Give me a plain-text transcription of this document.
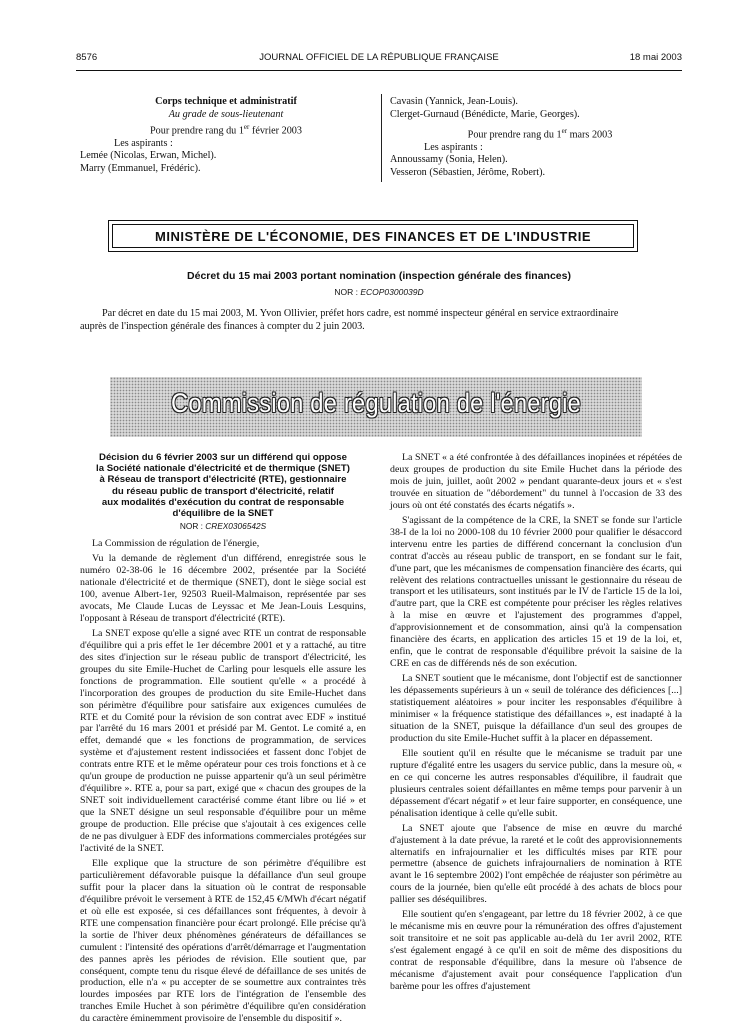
8576	JOURNAL OFFICIEL DE LA RÉPUBLIQUE FRANÇAISE	18 mai 2003
Corps technique et administratif
Au grade de sous-lieutenant
Pour prendre rang du 1er février 2003
Les aspirants :
Lemée (Nicolas, Erwan, Michel).
Marry (Emmanuel, Frédéric).
Cavasin (Yannick, Jean-Louis).
Clerget-Gurnaud (Bénédicte, Marie, Georges).
Pour prendre rang du 1er mars 2003
Les aspirants :
Annoussamy (Sonia, Helen).
Vesseron (Sébastien, Jérôme, Robert).
MINISTÈRE DE L'ÉCONOMIE, DES FINANCES ET DE L'INDUSTRIE
Décret du 15 mai 2003 portant nomination (inspection générale des finances)
NOR : ECOP0300039D
Par décret en date du 15 mai 2003, M. Yvon Ollivier, préfet hors cadre, est nommé inspecteur général en service extraordinaire
auprès de l'inspection générale des finances à compter du 2 juin 2003.
Commission de régulation de l'énergie
Décision du 6 février 2003 sur un différend qui oppose
la Société nationale d'électricité et de thermique (SNET)
à Réseau de transport d'électricité (RTE), gestionnaire
du réseau public de transport d'électricité, relatif
aux modalités d'exécution du contrat de responsable
d'équilibre de la SNET
NOR : CREX0306542S

La Commission de régulation de l'énergie,

Vu la demande de règlement d'un différend, enregistrée sous le numéro 02-38-06 le 16 décembre 2002, présentée par la Société nationale d'électricité et de thermique (SNET), dont le siège social est 100, avenue Albert-1er, 92503 Rueil-Malmaison, représentée par ses avocats, Me Claude Lucas de Leyssac et Me Jean-Louis Lesquins, l'opposant à Réseau de transport d'électricité (RTE).

La SNET expose qu'elle a signé avec RTE un contrat de responsable d'équilibre qui a pris effet le 1er décembre 2001 et y a rattaché, au titre des sites d'injection sur le réseau public de transport d'électricité, les groupes du site Emile-Huchet de Carling pour lesquels elle assure les fonctions de programmation. Elle soutient qu'elle « a procédé à l'incorporation des groupes de production du site Emile-Huchet dans son périmètre d'équilibre pour satisfaire aux exigences cumulées de RTE et du Comité pour la révision de son contrat avec EDF » institué par l'arrêté du 16 mars 2001 et présidé par M. Gentot. Le comité a, en effet, demandé que « les fonctions de programmation, de services système et d'ajustement restent indissociées et fassent donc l'objet de contrats entre RTE et le même opérateur pour ces trois fonctions et à ce qu'un groupe de production ne puisse appartenir qu'à un seul périmètre d'équilibre ». RTE a, pour sa part, exigé que « chacun des groupes de la SNET soit individuellement caractérisé comme étant libre ou lié » et que la SNET désigne un seul responsable d'équilibre pour un même groupe de production. Elle précise que s'ajoutait à ces exigences celle de ne pas divulguer à EDF des informations commerciales protégées sur l'activité de la SNET.

Elle explique que la structure de son périmètre d'équilibre est particulièrement défavorable puisque la défaillance d'un seul groupe suffit pour la placer dans la situation où le contrat de responsable d'équilibre prévoit le versement à RTE de 152,45 €/MWh d'écart négatif et où elle est exposée, si ces défaillances sont fréquentes, à devoir à RTE une compensation financière pour écart prolongé. Elle précise qu'à la sortie de l'hiver deux phénomènes générateurs de défaillances se cumulent : l'intensité des opérations d'arrêt/démarrage et l'augmentation des pannes après les périodes de révision. Elle soutient que, par conséquent, compte tenu du risque élevé de défaillance de ses unités de production, elle n'a « pu accepter de se soumettre aux contraintes très lourdes imposées par RTE lors de l'intégration de l'ensemble des tranches Emile Huchet à son périmètre d'équilibre qu'en considération du caractère éminemment provisoire de l'ensemble du dispositif ».

La SNET « a été confrontée à des défaillances inopinées et répétées de deux groupes de production du site Emile Huchet dans la période des mois de juin, juillet, août 2002 » pendant quarante-deux jours et « s'est trouvée en situation de "débordement" du tunnel à l'occasion de 33 des jours où ont été constatés des écarts négatifs ».

S'agissant de la compétence de la CRE, la SNET se fonde sur l'article 38-I de la loi no 2000-108 du 10 février 2000 pour qualifier le désaccord intervenu entre les parties de différend concernant la conclusion d'un contrat d'accès au réseau public de transport, en se fondant sur le fait, d'une part, que les mécanismes de compensation financière des écarts, qui relèvent des relations contractuelles unissant le gestionnaire du réseau de transport et les utilisateurs, sont institués par le IV de l'article 15 de la loi, d'autre part, que la CRE est compétente pour préciser les règles relatives à la mise en œuvre et l'ajustement des programmes d'appel, d'approvisionnement et de consommation, ainsi qu'à la compensation financière des écarts, en application des articles 15 et 19 de la loi, et, enfin, que le contrat de responsable d'équilibre prévoit la saisine de la CRE en cas de différends nés de son exécution.

La SNET soutient que le mécanisme, dont l'objectif est de sanctionner les dépassements supérieurs à un « seuil de tolérance des déficiences [...] statistiquement aléatoires » pour inciter les responsables d'équilibre à minimiser « la fréquence statistique des défaillances », est inadapté à la situation de la SNET, puisque la défaillance d'un seul des groupes de production du site Emile-Huchet suffit à la placer en dépassement.

Elle soutient qu'il en résulte que le mécanisme se traduit par une rupture d'égalité entre les usagers du service public, dans la mesure où, « en ce qui concerne les autres responsables d'équilibre, il faudrait que plusieurs centrales soient défaillantes en même temps pour parvenir à un dépassement d'écart négatif » et leur faire supporter, en conséquence, une pénalisation identique à celle qu'elle subit.

La SNET ajoute que l'absence de mise en œuvre du marché d'ajustement à la date prévue, la rareté et le coût des approvisionnements alternatifs en infrajournalier et les difficultés mises par RTE pour permettre (absence de guichets infrajournaliers de nomination à RTE avant le 16 septembre 2002) l'ont empêchée de réajuster son périmètre au cours de la journée, bien qu'elle eût procédé à des achats de blocs pour pallier ses déséquilibres.

Elle soutient qu'en s'engageant, par lettre du 18 février 2002, à ce que le mécanisme mis en œuvre pour la rémunération des offres d'ajustement soit transitoire et ne soit pas applicable au-delà du 1er avril 2002, RTE s'est également engagé à ce qu'il en soit de même des dispositions du contrat de responsable d'équilibre, dans la mesure où l'absence de mécanisme d'ajustement avait pour conséquence l'application d'un barème pour les offres d'ajustement
